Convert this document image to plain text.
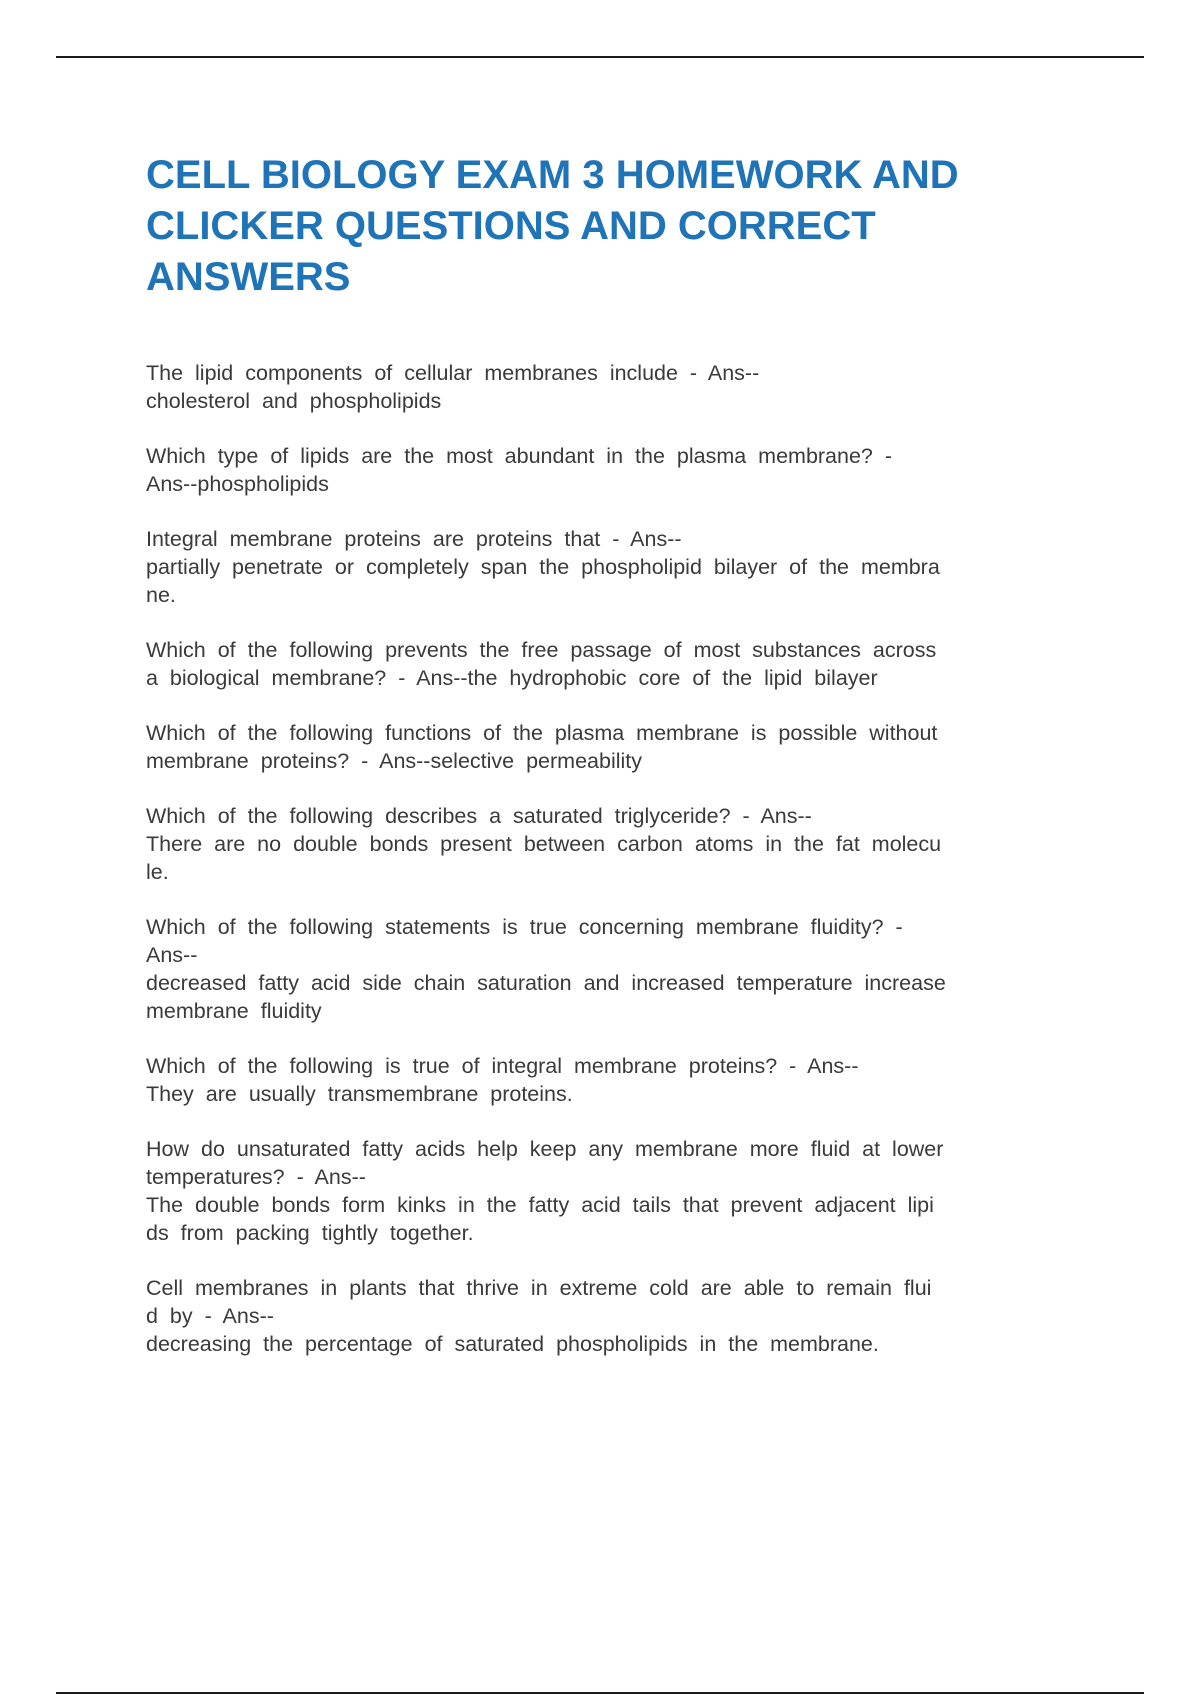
CELL BIOLOGY EXAM 3 HOMEWORK AND CLICKER QUESTIONS AND CORRECT ANSWERS

The lipid components of cellular membranes include - Ans--
cholesterol and phospholipids

Which type of lipids are the most abundant in the plasma membrane? -
Ans--phospholipids

Integral membrane proteins are proteins that - Ans--
partially penetrate or completely span the phospholipid bilayer of the membra
ne.

Which of the following prevents the free passage of most substances across
a biological membrane? - Ans--the hydrophobic core of the lipid bilayer

Which of the following functions of the plasma membrane is possible without
membrane proteins? - Ans--selective permeability

Which of the following describes a saturated triglyceride? - Ans--
There are no double bonds present between carbon atoms in the fat molecu
le.

Which of the following statements is true concerning membrane fluidity? -
Ans--
decreased fatty acid side chain saturation and increased temperature increase
membrane fluidity

Which of the following is true of integral membrane proteins? - Ans--
They are usually transmembrane proteins.

How do unsaturated fatty acids help keep any membrane more fluid at lower
temperatures? - Ans--
The double bonds form kinks in the fatty acid tails that prevent adjacent lipi
ds from packing tightly together.

Cell membranes in plants that thrive in extreme cold are able to remain flui
d by - Ans--
decreasing the percentage of saturated phospholipids in the membrane.
